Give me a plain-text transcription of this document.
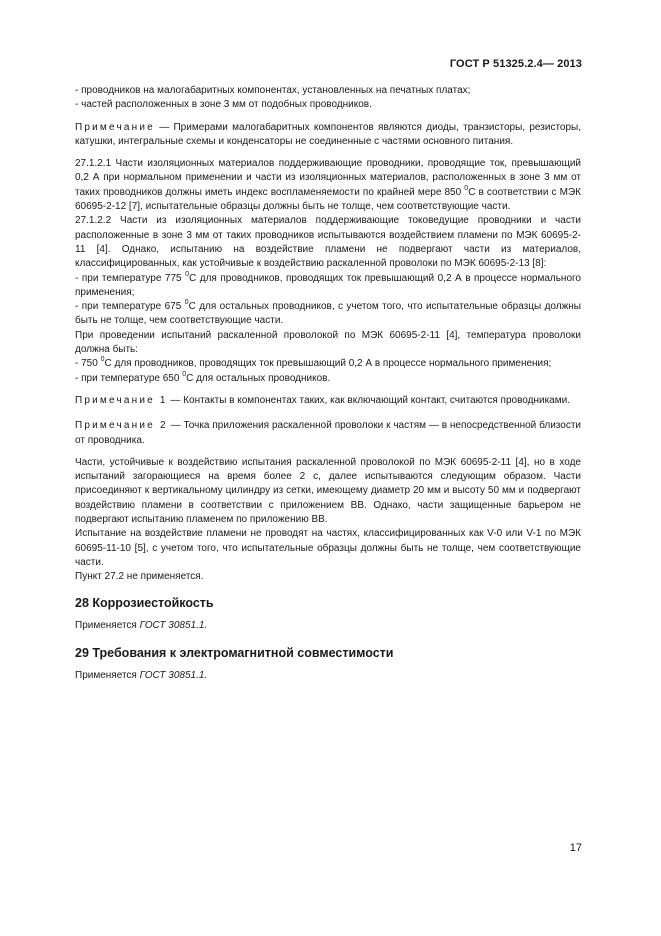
ГОСТ Р 51325.2.4— 2013

- проводников на малогабаритных компонентах, установленных на печатных платах;

- частей расположенных в зоне 3 мм от подобных проводников.

Примечание — Примерами малогабаритных компонентов являются диоды, транзисторы, резисторы, катушки, интегральные схемы и конденсаторы не соединенные с частями основного питания.

27.1.2.1 Части изоляционных материалов поддерживающие проводники, проводящие ток, превышающий 0,2 А при нормальном применении и части из изоляционных материалов, расположенных в зоне 3 мм от таких проводников должны иметь индекс воспламеняемости по крайней мере 850 $^0$С в соответствии с МЭК 60695-2-12 [7], испытательные образцы должны быть не толще, чем соответствующие части.

27.1.2.2 Части из изоляционных материалов поддерживающие токоведущие проводники и части расположенные в зоне 3 мм от таких проводников испытываются воздействием пламени по МЭК 60695-2-11 [4]. Однако, испытанию на воздействие пламени не подвергают части из материалов, классифицированных, как устойчивые к воздействию раскаленной проволоки по МЭК 60695-2-13 [8]:

- при температуре 775 $^0$С для проводников, проводящих ток превышающий 0,2 А в процессе нормального применения;

- при температуре 675 $^0$С для остальных проводников, с учетом того, что испытательные образцы должны быть не толще, чем соответствующие части.

При проведении испытаний раскаленной проволокой по МЭК 60695-2-11 [4], температура проволоки должна быть:

- 750 $^0$С для проводников, проводящих ток превышающий 0,2 А в процессе нормального применения;

- при температуре 650 $^0$С для остальных проводников.

Примечание 1 — Контакты в компонентах таких, как включающий контакт, считаются проводниками.

Примечание 2 — Точка приложения раскаленной проволоки к частям — в непосредственной близости от проводника.

Части, устойчивые к воздействию испытания раскаленной проволокой по МЭК 60695-2-11 [4], но в ходе испытаний загорающиеся на время более 2 с, далее испытываются следующим образом. Части присоединяют к вертикальному цилиндру из сетки, имеющему диаметр 20 мм и высоту 50 мм и подвергают воздействию пламени в соответствии с приложением ВВ. Однако, части защищенные барьером не подвергают испытанию пламенем по приложению ВВ.

Испытание на воздействие пламени не проводят на частях, классифицированных как V-0 или V-1 по МЭК 60695-11-10 [5], с учетом того, что испытательные образцы должны быть не толще, чем соответствующие части.

Пункт 27.2 не применяется.

28 Коррозиестойкость

Применяется ГОСТ 30851.1.

29 Требования к электромагнитной совместимости

Применяется ГОСТ 30851.1.

17
